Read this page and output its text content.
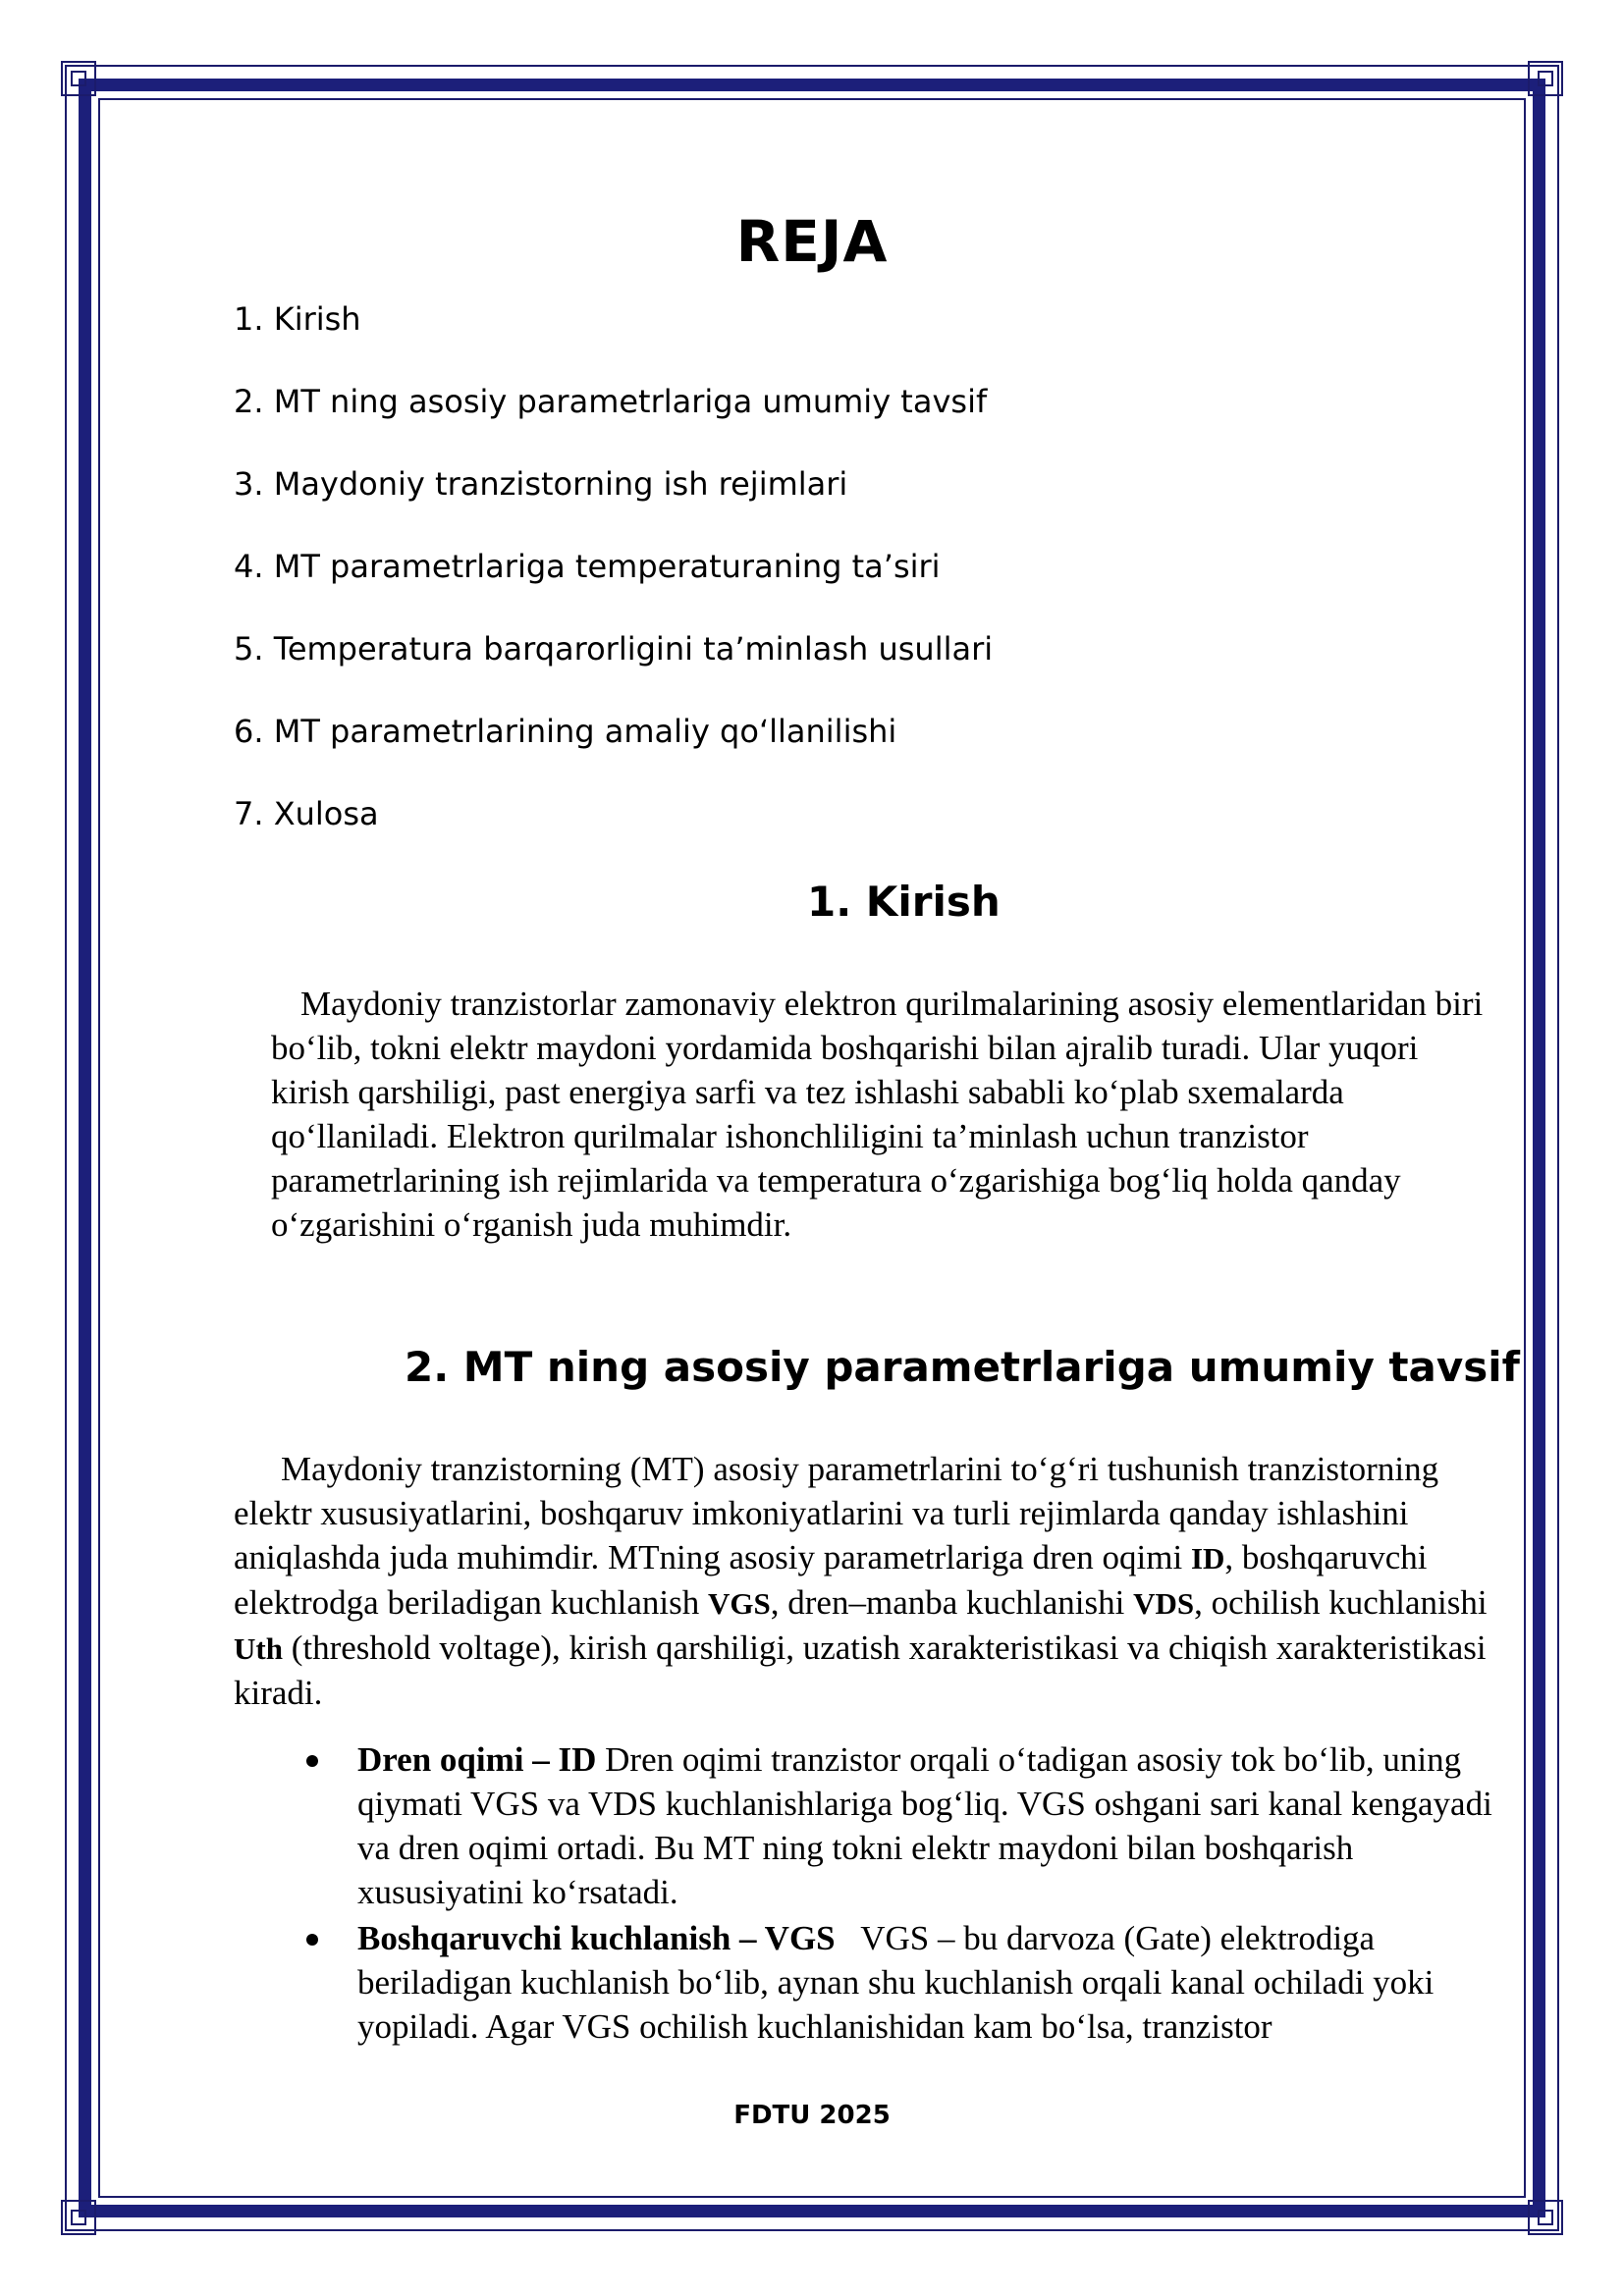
REJA

1. Kirish

2. MT ning asosiy parametrlariga umumiy tavsif

3. Maydoniy tranzistorning ish rejimlari

4. MT parametrlariga temperaturaning ta’siri

5. Temperatura barqarorligini ta’minlash usullari

6. MT parametrlarining amaliy qo‘llanilishi

7. Xulosa

1. Kirish

Maydoniy tranzistorlar zamonaviy elektron qurilmalarining asosiy elementlaridan biri bo‘lib, tokni elektr maydoni yordamida boshqarishi bilan ajralib turadi. Ular yuqori kirish qarshiligi, past energiya sarfi va tez ishlashi sababli ko‘plab sxemalarda qo‘llaniladi. Elektron qurilmalar ishonchliligini ta’minlash uchun tranzistor parametrlarining ish rejimlarida va temperatura o‘zgarishiga bog‘liq holda qanday o‘zgarishini o‘rganish juda muhimdir.

2. MT ning asosiy parametrlariga umumiy tavsif

Maydoniy tranzistorning (MT) asosiy parametrlarini to‘g‘ri tushunish tranzistorning elektr xususiyatlarini, boshqaruv imkoniyatlarini va turli rejimlarda qanday ishlashini aniqlashda juda muhimdir. MTning asosiy parametrlariga dren oqimi ID, boshqaruvchi elektrodga beriladigan kuchlanish VGS, dren–manba kuchlanishi VDS, ochilish kuchlanishi Uth (threshold voltage), kirish qarshiligi, uzatish xarakteristikasi va chiqish xarakteristikasi kiradi.

Dren oqimi – ID Dren oqimi tranzistor orqali o‘tadigan asosiy tok bo‘lib, uning qiymati VGS va VDS kuchlanishlariga bog‘liq. VGS oshgani sari kanal kengayadi va dren oqimi ortadi. Bu MT ning tokni elektr maydoni bilan boshqarish xususiyatini ko‘rsatadi.
Boshqaruvchi kuchlanish – VGS   VGS – bu darvoza (Gate) elektrodiga beriladigan kuchlanish bo‘lib, aynan shu kuchlanish orqali kanal ochiladi yoki yopiladi. Agar VGS ochilish kuchlanishidan kam bo‘lsa, tranzistor

FDTU 2025
